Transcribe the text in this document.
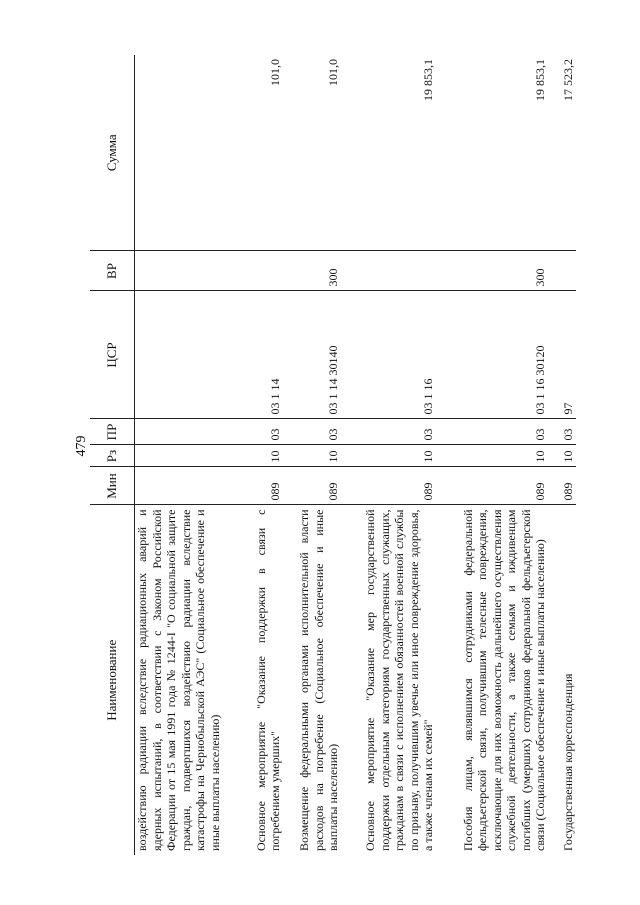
479
Наименование	Мин	Рз	ПР	ЦСР	ВР	Сумма
воздействию радиации вследствие радиационных аварий и ядерных испытаний, в соответствии с Законом Российской Федерации от 15 мая 1991 года № 1244-I "О социальной защите граждан, подвергшихся воздействию радиации вследствие катастрофы на Чернобыльской АЭС" (Социальное обеспечение и иные выплаты населению)						
Основное мероприятие "Оказание поддержки в связи с погребением умерших"	089	10	03	03 1 14		101,0
Возмещение федеральными органами исполнительной власти расходов на погребение (Социальное обеспечение и иные выплаты населению)	089	10	03	03 1 14 30140	300	101,0
Основное мероприятие "Оказание мер государственной поддержки отдельным категориям государственных служащих, гражданам в связи с исполнением обязанностей военной службы по призыву, получившим увечье или иное повреждение здоровья, а также членам их семей"	089	10	03	03 1 16		19 853,1
Пособия лицам, являвшимся сотрудниками федеральной фельдъегерской связи, получившим телесные повреждения, исключающие для них возможность дальнейшего осуществления служебной деятельности, а также семьям и иждивенцам погибших (умерших) сотрудников федеральной фельдъегерской связи (Социальное обеспечение и иные выплаты населению)	089	10	03	03 1 16 30120	300	19 853,1
Государственная корреспонденция	089	10	03	97		17 523,2
